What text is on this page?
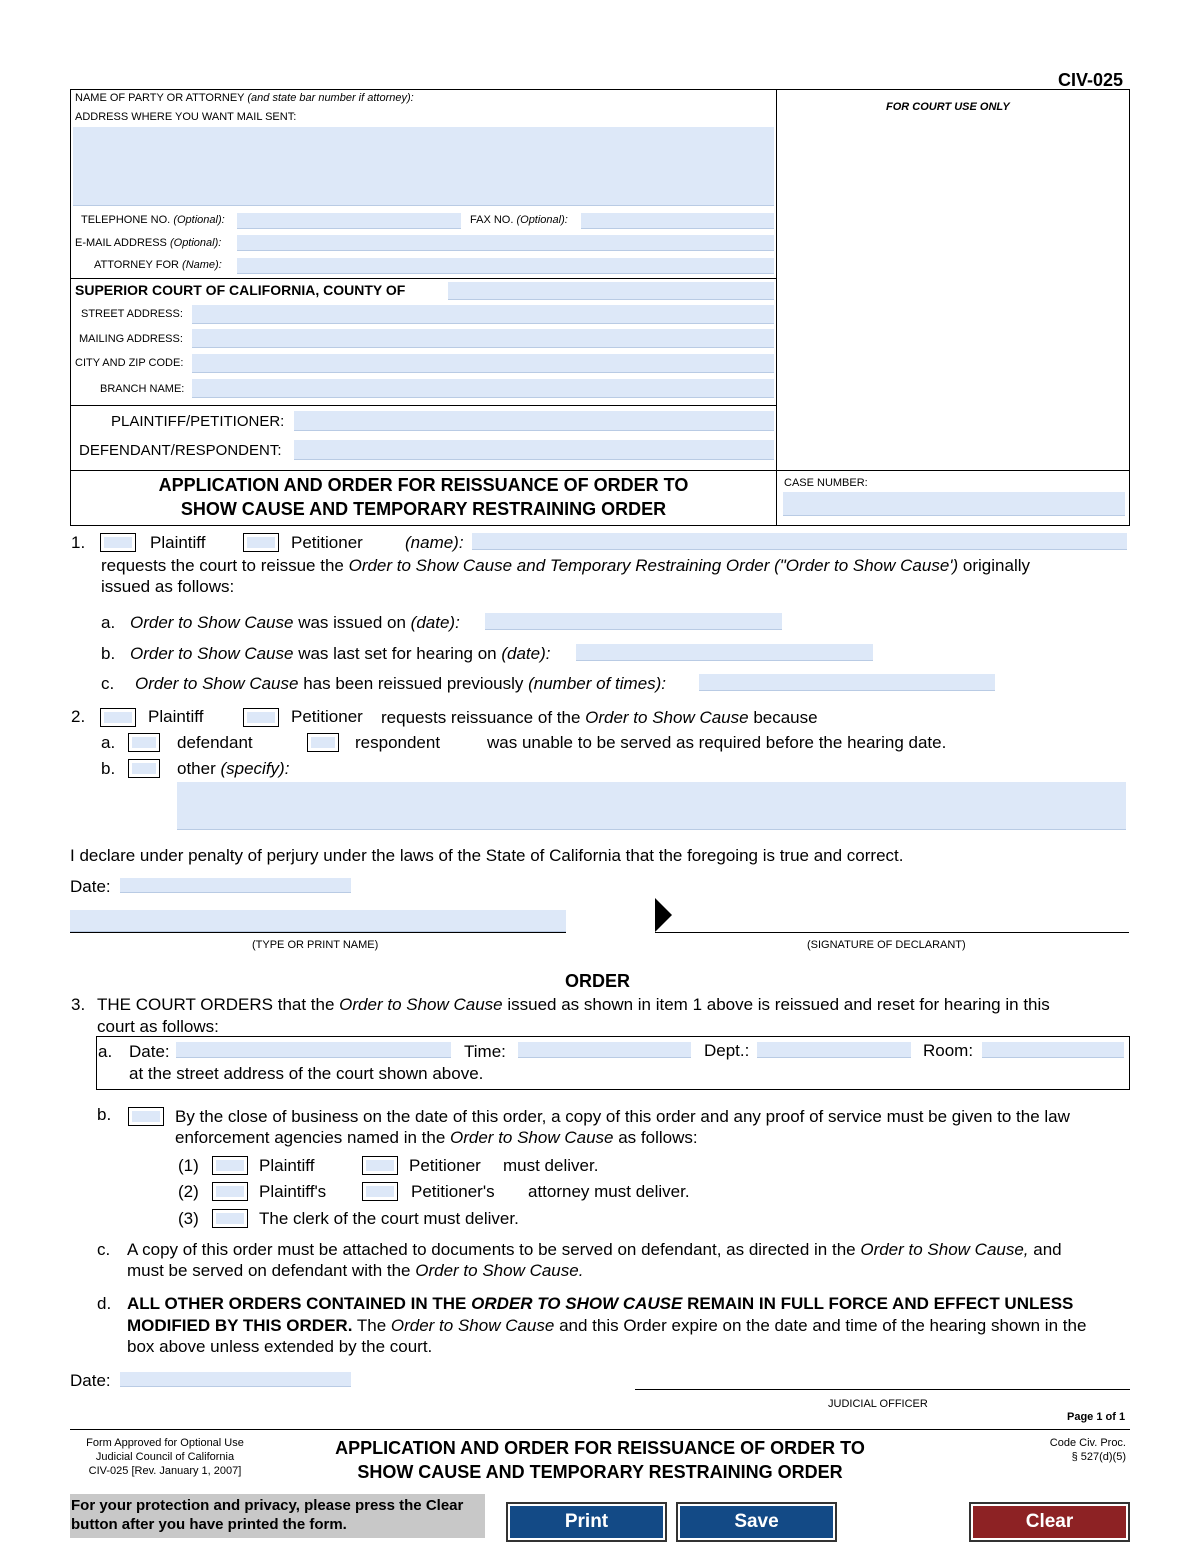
CIV-025
NAME OF PARTY OR ATTORNEY (and state bar number if attorney):
ADDRESS WHERE YOU WANT MAIL SENT:
FOR COURT USE ONLY
TELEPHONE NO. (Optional):	FAX NO. (Optional):
E-MAIL ADDRESS (Optional):
ATTORNEY FOR (Name):
SUPERIOR COURT OF CALIFORNIA, COUNTY OF
STREET ADDRESS:
MAILING ADDRESS:
CITY AND ZIP CODE:
BRANCH NAME:
PLAINTIFF/PETITIONER:
DEFENDANT/RESPONDENT:
APPLICATION AND ORDER FOR REISSUANCE OF ORDER TO
SHOW CAUSE AND TEMPORARY RESTRAINING ORDER
CASE NUMBER:
1.	Plaintiff	Petitioner (name):
requests the court to reissue the Order to Show Cause and Temporary Restraining Order ("Order to Show Cause') originally
issued as follows:
a. Order to Show Cause was issued on (date):
b. Order to Show Cause was last set for hearing on (date):
c. Order to Show Cause has been reissued previously (number of times):
2.	Plaintiff	Petitioner requests reissuance of the Order to Show Cause because
a.	defendant	respondent	was unable to be served as required before the hearing date.
b.	other (specify):
I declare under penalty of perjury under the laws of the State of California that the foregoing is true and correct.
Date:
(TYPE OR PRINT NAME)	(SIGNATURE OF DECLARANT)
ORDER
3. THE COURT ORDERS that the Order to Show Cause issued as shown in item 1 above is reissued and reset for hearing in this
court as follows:
a. Date:	Time:	Dept.:	Room:
at the street address of the court shown above.
b.	By the close of business on the date of this order, a copy of this order and any proof of service must be given to the law
enforcement agencies named in the Order to Show Cause as follows:
(1)	Plaintiff	Petitioner must deliver.
(2)	Plaintiff's	Petitioner's attorney must deliver.
(3)	The clerk of the court must deliver.
c. A copy of this order must be attached to documents to be served on defendant, as directed in the Order to Show Cause, and
must be served on defendant with the Order to Show Cause.
d. ALL OTHER ORDERS CONTAINED IN THE ORDER TO SHOW CAUSE REMAIN IN FULL FORCE AND EFFECT UNLESS
MODIFIED BY THIS ORDER. The Order to Show Cause and this Order expire on the date and time of the hearing shown in the
box above unless extended by the court.
Date:
JUDICIAL OFFICER
Page 1 of 1
Form Approved for Optional Use
Judicial Council of California
CIV-025 [Rev. January 1, 2007]
APPLICATION AND ORDER FOR REISSUANCE OF ORDER TO
SHOW CAUSE AND TEMPORARY RESTRAINING ORDER
Code Civ. Proc.
§ 527(d)(5)
For your protection and privacy, please press the Clear
button after you have printed the form.	Print	Save	Clear
